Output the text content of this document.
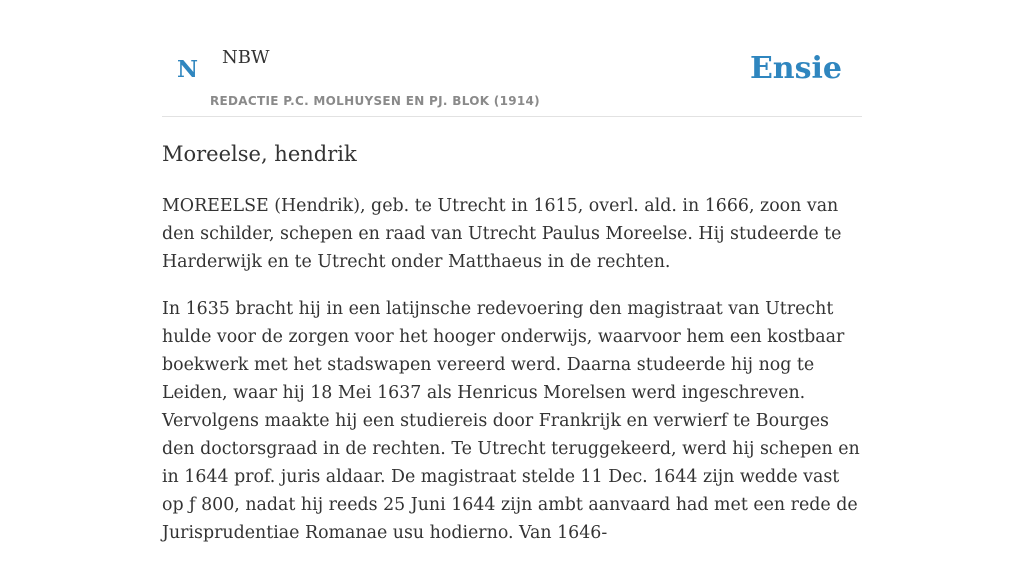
N NBW
REDACTIE P.C. MOLHUYSEN EN PJ. BLOK (1914)
Ensie
Moreelse, hendrik

MOREELSE (Hendrik), geb. te Utrecht in 1615, overl. ald. in 1666, zoon van den schilder, schepen en raad van Utrecht Paulus Moreelse. Hij studeerde te Harderwijk en te Utrecht onder Matthaeus in de rechten.

In 1635 bracht hij in een latijnsche redevoering den magistraat van Utrecht hulde voor de zorgen voor het hooger onderwijs, waarvoor hem een kostbaar boekwerk met het stadswapen vereerd werd. Daarna studeerde hij nog te Leiden, waar hij 18 Mei 1637 als Henricus Morelsen werd ingeschreven. Vervolgens maakte hij een studiereis door Frankrijk en verwierf te Bourges den doctorsgraad in de rechten. Te Utrecht teruggekeerd, werd hij schepen en in 1644 prof. juris aldaar. De magistraat stelde 11 Dec. 1644 zijn wedde vast op ƒ 800, nadat hij reeds 25 Juni 1644 zijn ambt aanvaard had met een rede de Jurisprudentiae Romanae usu hodierno. Van 1646-
